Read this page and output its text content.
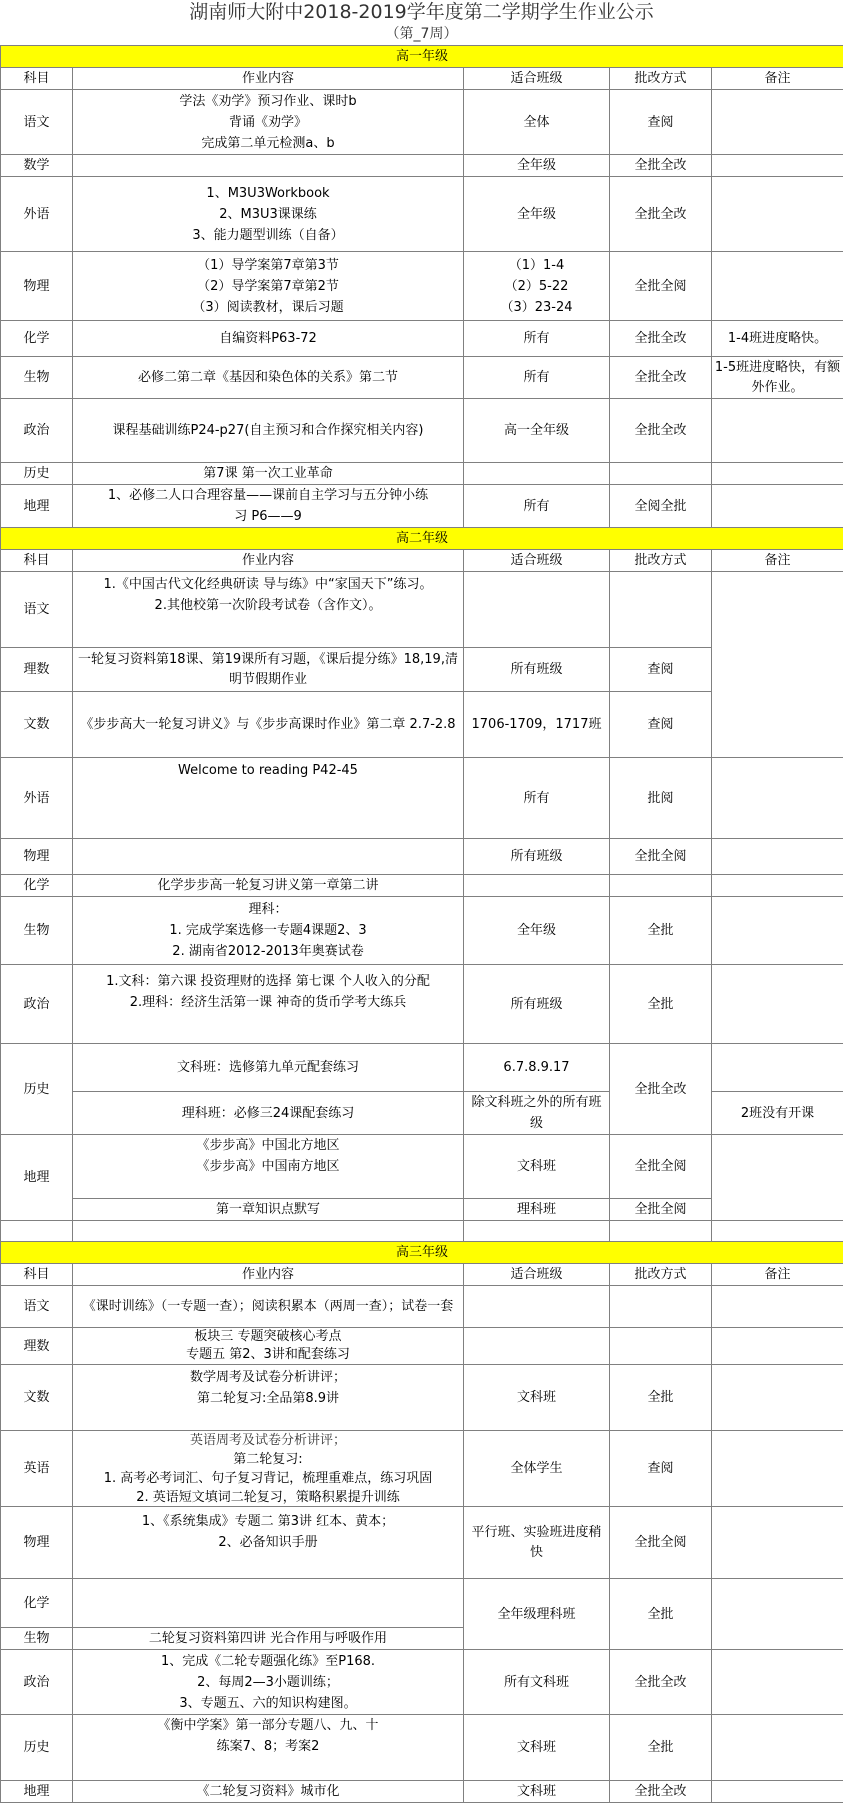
湖南师大附中2018-2019学年度第二学期学生作业公示
（第_7周）
高一年级				
科目	作业内容	适合班级	批改方式	备注
语文	学法《劝学》预习作业、课时b
背诵《劝学》
完成第二单元检测a、b	全体	查阅	
数学		全年级	全批全改	
外语	1、M3U3Workbook
2、M3U3课课练
3、能力题型训练（自备）	全年级	全批全改	
物理	（1）导学案第7章第3节
（2）导学案第7章第2节
（3）阅读教材，课后习题	（1）1-4
（2）5-22
（3）23-24	全批全阅	
化学	自编资料P63-72	所有	全批全改	1-4班进度略快。
生物	必修二第二章《基因和染色体的关系》第二节	所有	全批全改	1-5班进度略快，有额外作业。
政治	课程基础训练P24-p27(自主预习和合作探究相关内容)	高一全年级	全批全改	
历史	第7课 第一次工业革命			
地理	1、必修二人口合理容量——课前自主学习与五分钟小练习 P6——9	所有	全阅全批	
高二年级				
科目	作业内容	适合班级	批改方式	备注
语文	1.《中国古代文化经典研读 导与练》中“家国天下”练习。
2.其他校第一次阶段考试卷（含作文）。			

理数	一轮复习资料第18课、第19课所有习题，《课后提分练》18,19,清明节假期作业	所有班级	查阅	
文数	《步步高大一轮复习讲义》与《步步高课时作业》第二章 2.7-2.8	1706-1709，1717班	查阅	
外语	Welcome to reading P42-45	所有	批阅	
物理		所有班级	全批全阅	
化学	化学步步高一轮复习讲义第一章第二讲			
生物	理科：
1. 完成学案选修一专题4课题2、3
2. 湖南省2012-2013年奥赛试卷	全年级	全批	
政治	1.文科：第六课 投资理财的选择 第七课 个人收入的分配
2.理科：经济生活第一课 神奇的货币学考大练兵	所有班级	全批	
历史	文科班：选修第九单元配套练习	6.7.8.9.17	全批全改	
	理科班：必修三24课配套练习	除文科班之外的所有班级		2班没有开课
地理	《步步高》中国北方地区
《步步高》中国南方地区	文科班	全批全阅	
	第一章知识点默写	理科班	全批全阅	

高三年级				
科目	作业内容	适合班级	批改方式	备注
语文	《课时训练》（一专题一查）；阅读积累本（两周一查）；试卷一套			
理数	板块三 专题突破核心考点
专题五 第2、3讲和配套练习			

文数	数学周考及试卷分析讲评；
第二轮复习:全品第8.9讲	文科班	全批	
英语	英语周考及试卷分析讲评；
第二轮复习:
1. 高考必考词汇、句子复习背记，梳理重难点，练习巩固
2. 英语短文填词二轮复习，策略积累提升训练	全体学生	查阅	
物理	1、《系统集成》专题二 第3讲 红本、黄本；
2、必备知识手册	平行班、实验班进度稍快	全批全阅	
化学		全年级理科班	全批	
生物	二轮复习资料第四讲 光合作用与呼吸作用			
政治	1、完成《二轮专题强化练》至P168.
2、每周2—3小题训练；
3、专题五、六的知识构建图。	所有文科班	全批全改	
历史	《衡中学案》第一部分专题八、九、十
练案7、8；考案2	文科班	全批	
地理	《二轮复习资料》城市化	文科班	全批全改	
